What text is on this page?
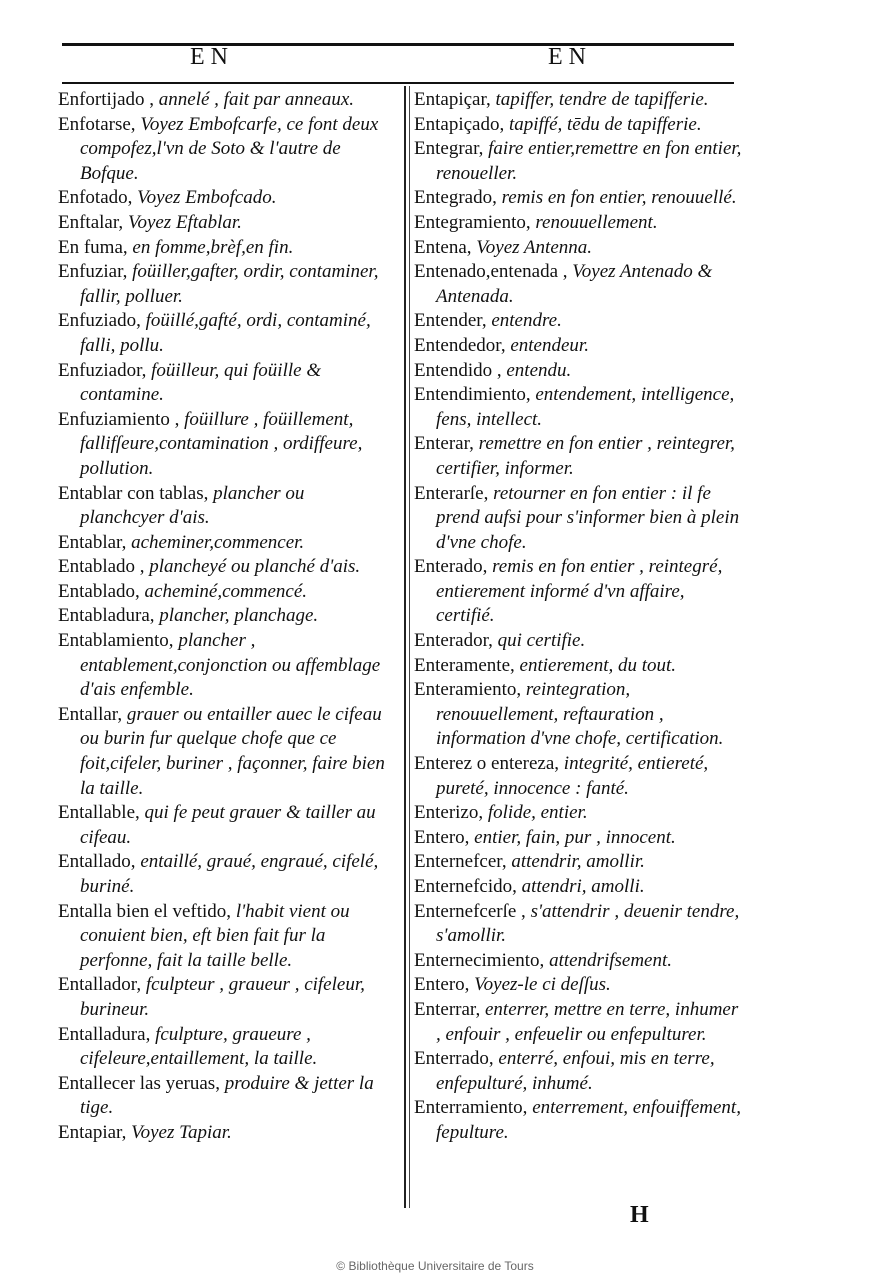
EN	EN
Enfortijado , annelé , fait par anneaux.
Enfotarse, Voyez Embofcarfe, ce font deux compofez,l'vn de Soto & l'autre de Bofque.
Enfotado, Voyez Embofcado.
Enftalar, Voyez Eftablar.
En fuma, en fomme,brèf,en fin.
Enfuziar, foüiller,gafter, ordir, contaminer, fallir, polluer.
Enfuziado, foüillé,gafté, ordi, contaminé, falli, pollu.
Enfuziador, foüilleur, qui foüille & contamine.
Enfuziamiento , foüillure , foüillement, fallifſeure,contamination , ordiffeure, pollution.
Entablar con tablas, plancher ou planchcyer d'ais.
Entablar, acheminer,commencer.
Entablado , plancheyé ou planché d'ais.
Entablado, acheminé,commencé.
Entabladura, plancher, planchage.
Entablamiento, plancher , entablement,conjonction ou affemblage d'ais enfemble.
Entallar, grauer ou entailler auec le cifeau ou burin fur quelque chofe que ce foit,cifeler, buriner , façonner, faire bien la taille.
Entallable, qui fe peut grauer & tailler au cifeau.
Entallado, entaillé, graué, engraué, cifelé, buriné.
Entalla bien el veftido, l'habit vient ou conuient bien, eft bien fait fur la perfonne, fait la taille belle.
Entallador, fculpteur , graueur , cifeleur, burineur.
Entalladura, fculpture, graueure , cifeleure,entaillement, la taille.
Entallecer las yeruas, produire & jetter la tige.
Entapiar, Voyez Tapiar.
Entapiçar, tapiffer, tendre de tapifferie.
Entapiçado, tapiffé, tēdu de tapifferie.
Entegrar, faire entier,remettre en fon entier, renoueller.
Entegrado, remis en fon entier, renouuellé.
Entegramiento, renouuellement.
Entena, Voyez Antenna.
Entenado,entenada , Voyez Antenado & Antenada.
Entender, entendre.
Entendedor, entendeur.
Entendido , entendu.
Entendimiento, entendement, intelligence, fens, intellect.
Enterar, remettre en fon entier , reintegrer, certifier, informer.
Enterarſe, retourner en fon entier : il fe prend aufsi pour s'informer bien à plein d'vne chofe.
Enterado, remis en fon entier , reintegré, entierement informé d'vn affaire, certifié.
Enterador, qui certifie.
Enteramente, entierement, du tout.
Enteramiento, reintegration, renouuellement, reftauration , information d'vne chofe, certification.
Enterez o entereza, integrité, entiereté, pureté, innocence : fanté.
Enterizo, folide, entier.
Entero, entier, fain, pur , innocent.
Enternefcer, attendrir, amollir.
Enternefcido, attendri, amolli.
Enternefcerſe , s'attendrir , deuenir tendre, s'amollir.
Enternecimiento, attendrifsement.
Entero, Voyez-le ci deſſus.
Enterrar, enterrer, mettre en terre, inhumer , enfouir , enfeuelir ou enfepulturer.
Enterrado, enterré, enfoui, mis en terre, enfepulturé, inhumé.
Enterramiento, enterrement, enfouiffement, fepulture.
H
© Bibliothèque Universitaire de Tours
